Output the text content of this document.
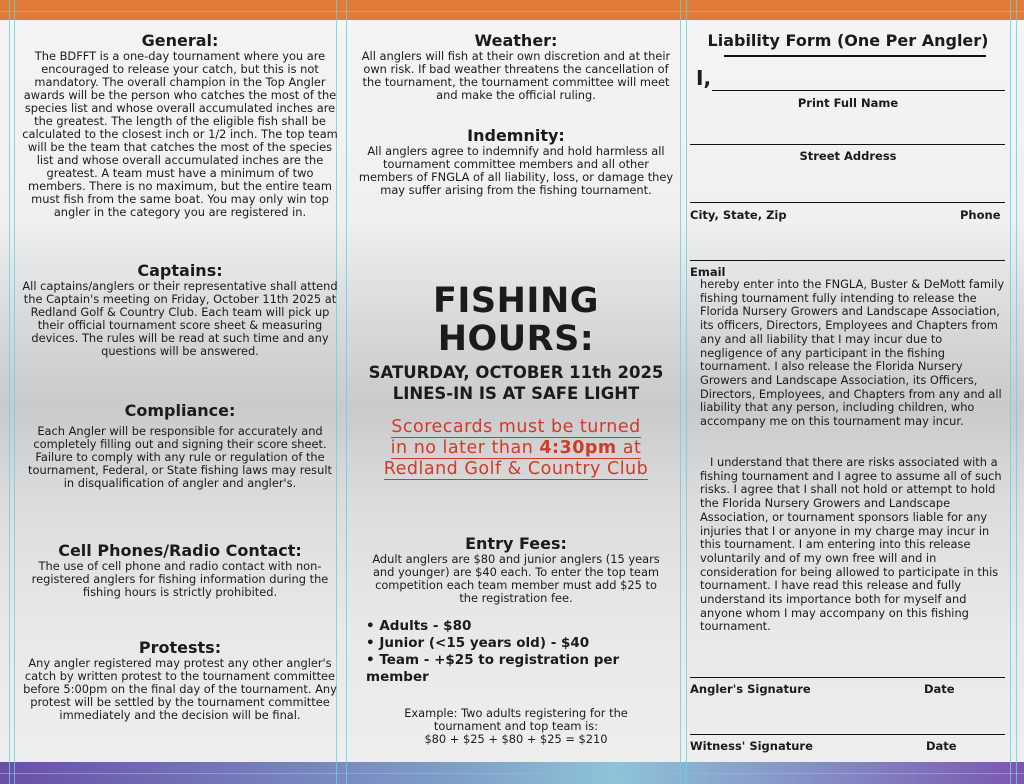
General:

The BDFFT is a one-day tournament where you are encouraged to release your catch, but this is not mandatory. The overall champion in the Top Angler awards will be the person who catches the most of the species list and whose overall accumulated inches are the greatest. The length of the eligible fish shall be calculated to the closest inch or 1/2 inch. The top team will be the team that catches the most of the species list and whose overall accumulated inches are the greatest. A team must have a minimum of two members. There is no maximum, but the entire team must fish from the same boat. You may only win top angler in the category you are registered in.

Captains:

All captains/anglers or their representative shall attend the Captain's meeting on Friday, October 11th 2025 at Redland Golf & Country Club. Each team will pick up their official tournament score sheet & measuring devices. The rules will be read at such time and any questions will be answered.

Compliance:

Each Angler will be responsible for accurately and completely filling out and signing their score sheet. Failure to comply with any rule or regulation of the tournament, Federal, or State fishing laws may result in disqualification of angler and angler's.

Cell Phones/Radio Contact:

The use of cell phone and radio contact with non-registered anglers for fishing information during the fishing hours is strictly prohibited.

Protests:

Any angler registered may protest any other angler's catch by written protest to the tournament committee before 5:00pm on the final day of the tournament. Any protest will be settled by the tournament committee immediately and the decision will be final.

Weather:

All anglers will fish at their own discretion and at their own risk. If bad weather threatens the cancellation of the tournament, the tournament committee will meet and make the official ruling.

Indemnity:

All anglers agree to indemnify and hold harmless all tournament committee members and all other members of FNGLA of all liability, loss, or damage they may suffer arising from the fishing tournament.

FISHING HOURS:

SATURDAY, OCTOBER 11th 2025

LINES-IN IS AT SAFE LIGHT

Scorecards must be turned

in no later than 4:30pm at

Redland Golf & Country Club

Entry Fees:

Adult anglers are $80 and junior anglers (15 years and younger) are $40 each. To enter the top team competition each team member must add $25 to the registration fee.

• Adults - $80
• Junior (<15 years old) - $40
• Team - +$25 to registration per member

Example: Two adults registering for the tournament and top team is:

$80 + $25 + $80 + $25 = $210

Liability Form (One Per Angler)
I,
Print Full Name
Street Address
City, State, Zip	Phone
Email

hereby enter into the FNGLA, Buster & DeMott family fishing tournament fully intending to release the Florida Nursery Growers and Landscape Association, its officers, Directors, Employees and Chapters from any and all liability that I may incur due to negligence of any participant in the fishing tournament. I also release the Florida Nursery Growers and Landscape Association, its Officers, Directors, Employees, and Chapters from any and all liability that any person, including children, who accompany me on this tournament may incur.

I understand that there are risks associated with a fishing tournament and I agree to assume all of such risks. I agree that I shall not hold or attempt to hold the Florida Nursery Growers and Landscape Association, or tournament sponsors liable for any injuries that I or anyone in my charge may incur in this tournament. I am entering into this release voluntarily and of my own free will and in consideration for being allowed to participate in this tournament. I have read this release and fully understand its importance both for myself and anyone whom I may accompany on this fishing tournament.

Angler's Signature	Date
Witness' Signature	Date
